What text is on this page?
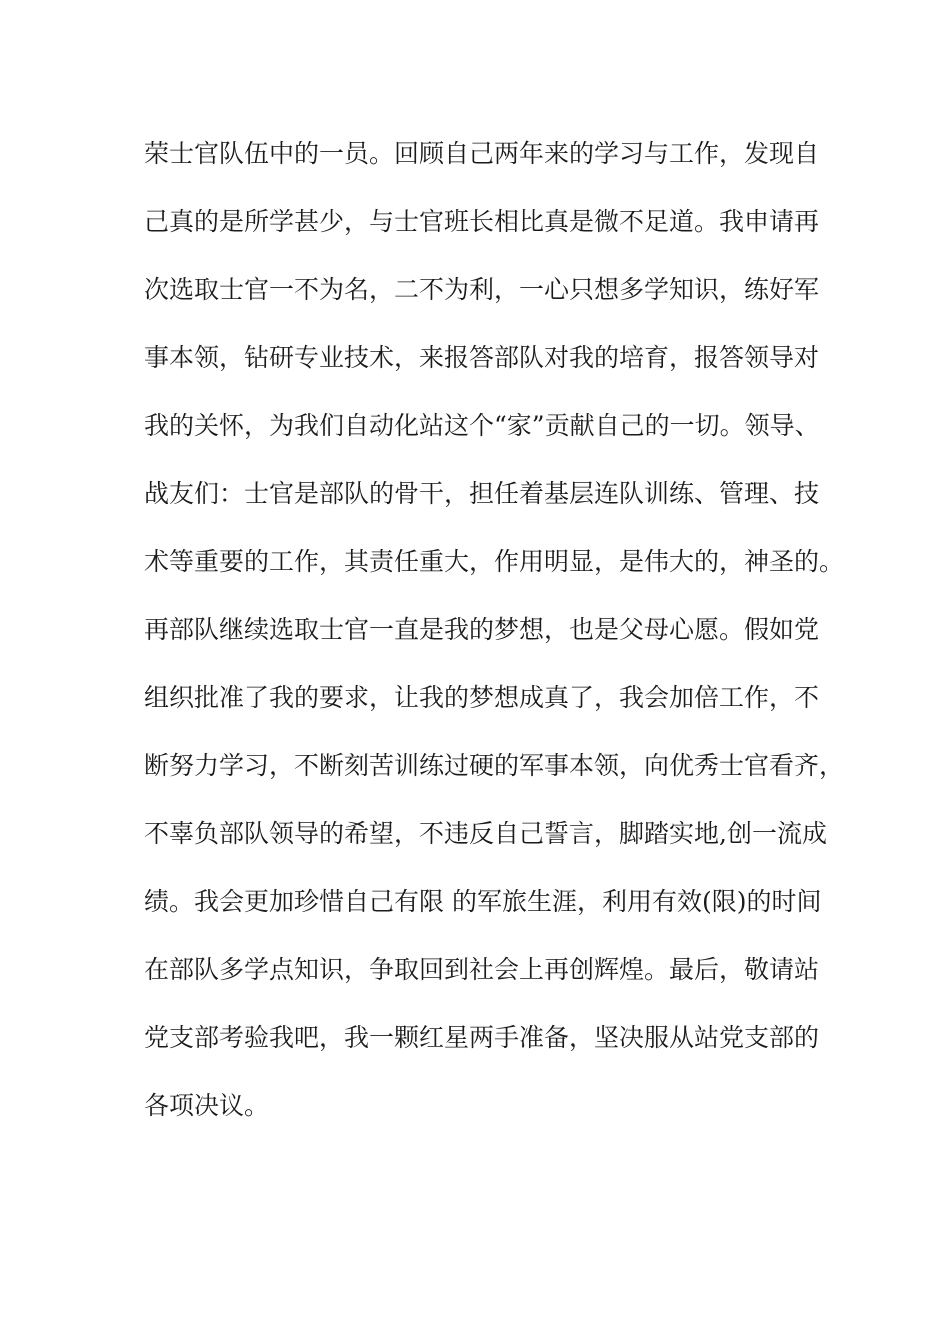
荣士官队伍中的一员。回顾自己两年来的学习与工作，发现自
己真的是所学甚少，与士官班长相比真是微不足道。我申请再
次选取士官一不为名，二不为利，一心只想多学知识，练好军
事本领，钻研专业技术，来报答部队对我的培育，报答领导对
我的关怀，为我们自动化站这个“家”贡献自己的一切。领导、
战友们：士官是部队的骨干，担任着基层连队训练、管理、技
术等重要的工作，其责任重大，作用明显，是伟大的，神圣的。
再部队继续选取士官一直是我的梦想，也是父母心愿。假如党
组织批准了我的要求，让我的梦想成真了，我会加倍工作，不
断努力学习，不断刻苦训练过硬的军事本领，向优秀士官看齐，
不辜负部队领导的希望，不违反自己誓言，脚踏实地,创一流成
绩。我会更加珍惜自己有限 的军旅生涯，利用有效(限)的时间
在部队多学点知识，争取回到社会上再创辉煌。最后，敬请站
党支部考验我吧，我一颗红星两手准备，坚决服从站党支部的
各项决议。
